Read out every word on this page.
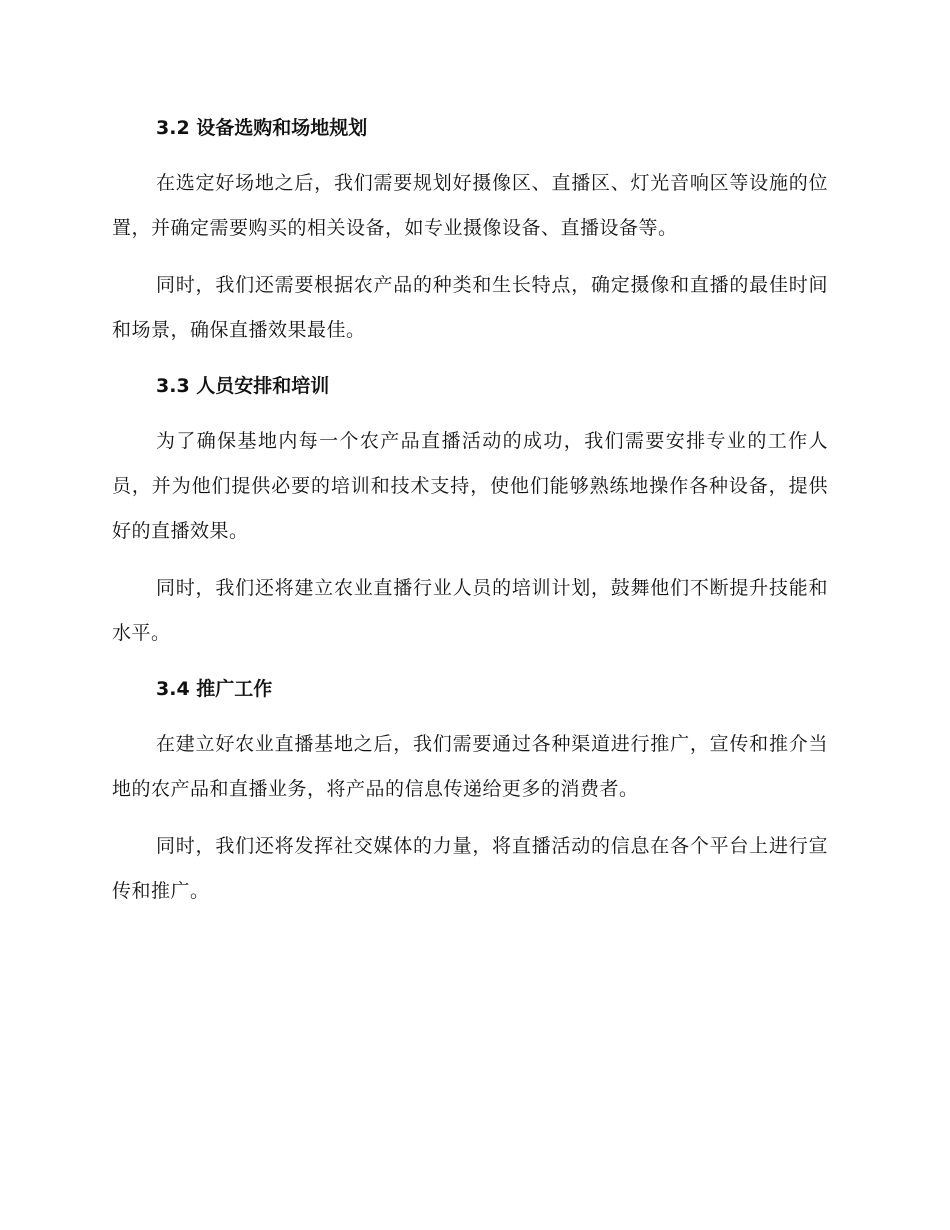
3.2 设备选购和场地规划

在选定好场地之后，我们需要规划好摄像区、直播区、灯光音响区等设施的位置，并确定需要购买的相关设备，如专业摄像设备、直播设备等。

同时，我们还需要根据农产品的种类和生长特点，确定摄像和直播的最佳时间和场景，确保直播效果最佳。

3.3 人员安排和培训

为了确保基地内每一个农产品直播活动的成功，我们需要安排专业的工作人员，并为他们提供必要的培训和技术支持，使他们能够熟练地操作各种设备，提供好的直播效果。

同时，我们还将建立农业直播行业人员的培训计划，鼓舞他们不断提升技能和水平。

3.4 推广工作

在建立好农业直播基地之后，我们需要通过各种渠道进行推广，宣传和推介当地的农产品和直播业务，将产品的信息传递给更多的消费者。

同时，我们还将发挥社交媒体的力量，将直播活动的信息在各个平台上进行宣传和推广。
